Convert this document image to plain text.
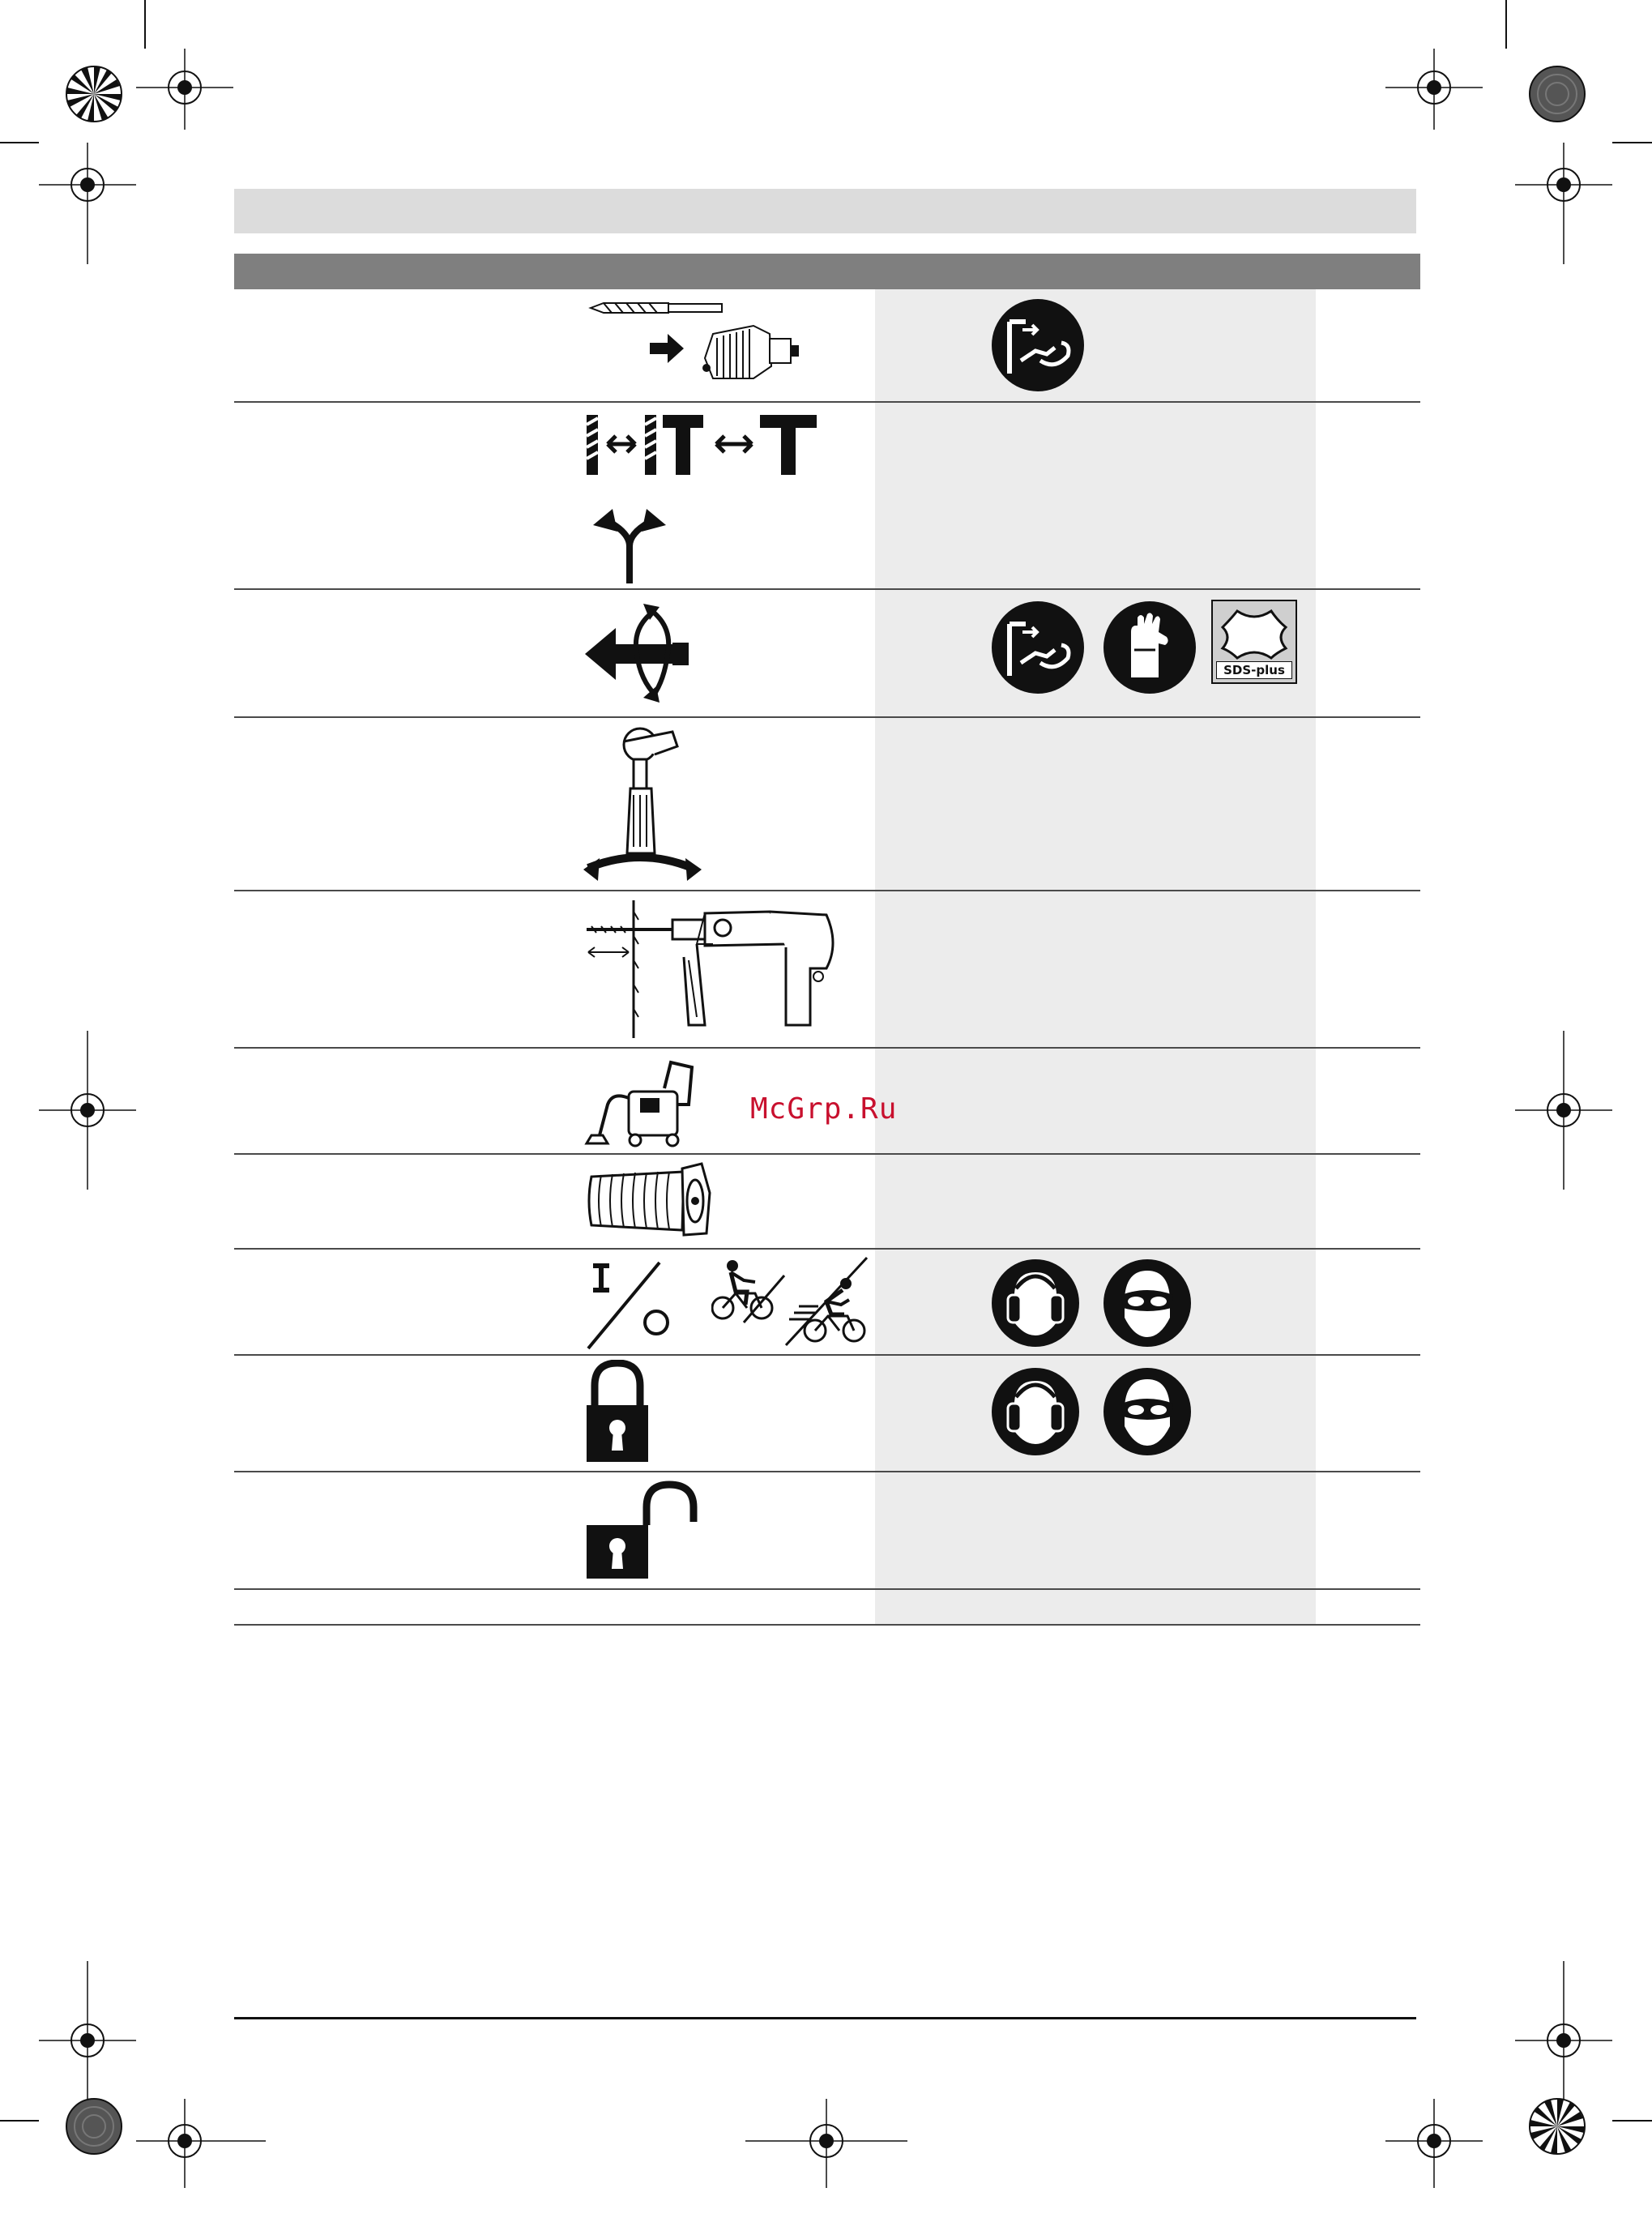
SDS-plus
McGrp.Ru
